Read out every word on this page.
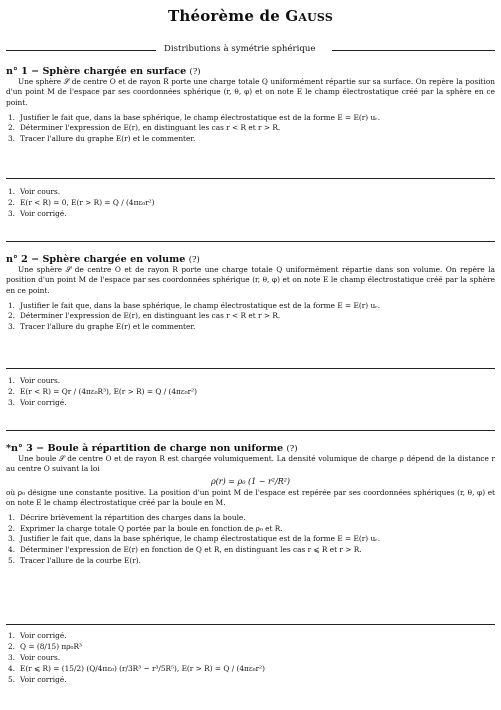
Théorème de Gauss
Distributions à symétrie sphérique
n° 1 − Sphère chargée en surface (?)

Une sphère 𝒮 de centre O et de rayon R porte une charge totale Q uniformément répartie sur sa surface. On repère la position d'un point M de l'espace par ses coordonnées sphérique (r, θ, φ) et on note E le champ électrostatique créé par la sphère en ce point.

1. Justifier le fait que, dans la base sphérique, le champ électrostatique est de la forme E = E(r) uᵣ.

2. Déterminer l'expression de E(r), en distinguant les cas r < R et r > R.

3. Tracer l'allure du graphe E(r) et le commenter.

1. Voir cours.

2. E(r < R) = 0, E(r > R) = Q / (4πε₀r²)

3. Voir corrigé.

n° 2 − Sphère chargée en volume (?)

Une sphère 𝒮 de centre O et de rayon R porte une charge totale Q uniformément répartie dans son volume. On repère la position d'un point M de l'espace par ses coordonnées sphérique (r, θ, φ) et on note E le champ électrostatique créé par la sphère en ce point.

1. Justifier le fait que, dans la base sphérique, le champ électrostatique est de la forme E = E(r) uᵣ.

2. Déterminer l'expression de E(r), en distinguant les cas r < R et r > R.

3. Tracer l'allure du graphe E(r) et le commenter.

1. Voir cours.

2. E(r < R) = Qr / (4πε₀R³), E(r > R) = Q / (4πε₀r²)

3. Voir corrigé.

*n° 3 − Boule à répartition de charge non uniforme (?)

Une boule 𝒮 de centre O et de rayon R est chargée volumiquement. La densité volumique de charge ρ dépend de la distance r au centre O suivant la loi

ρ(r) = ρ₀ (1 − r²/R²)

où ρ₀ désigne une constante positive. La position d'un point M de l'espace est repérée par ses coordonnées sphériques (r, θ, φ) et on note E le champ électrostatique créé par la boule en M.

1. Décrire brièvement la répartition des charges dans la boule.

2. Exprimer la charge totale Q portée par la boule en fonction de ρ₀ et R.

3. Justifier le fait que, dans la base sphérique, le champ électrostatique est de la forme E = E(r) uᵣ.

4. Déterminer l'expression de E(r) en fonction de Q et R, en distinguant les cas r ⩽ R et r > R.

5. Tracer l'allure de la courbe E(r).

1. Voir corrigé.

2. Q = (8/15) πρ₀R³

3. Voir cours.

4. E(r ⩽ R) = (15/2) (Q/4πε₀) (r/3R³ − r³/5R⁵), E(r > R) = Q / (4πε₀r²)

5. Voir corrigé.
